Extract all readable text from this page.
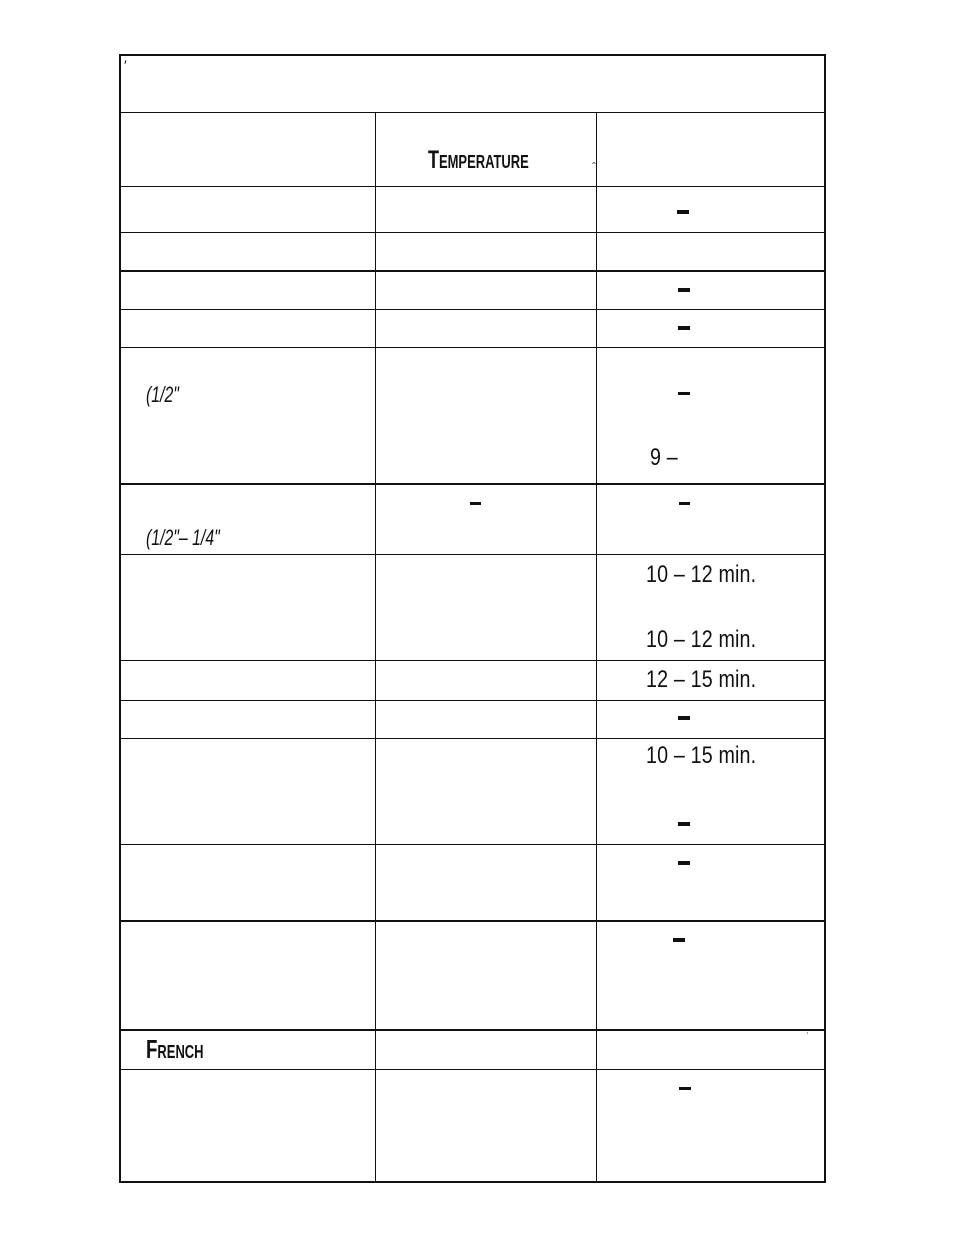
′
Temperature	ˆ
(1/2"
9 –
(1/2"– 1/4"
10 – 12 min.
10 – 12 min.
12 – 15 min.
10 – 15 min.
French	˙
